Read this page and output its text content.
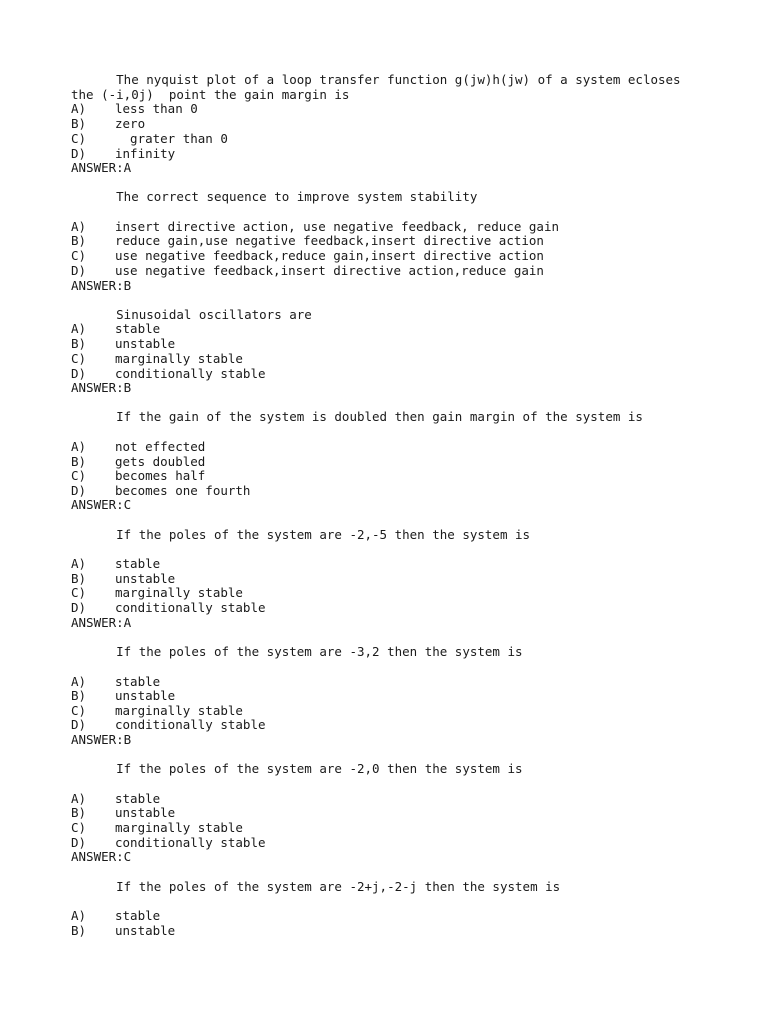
The nyquist plot of a loop transfer function g(jw)h(jw) of a system ecloses
the (-i,0j)  point the gain margin is
A) less than 0
B) zero
C)  grater than 0
D) infinity
ANSWER:A
The correct sequence to improve system stability
A) insert directive action, use negative feedback, reduce gain
B) reduce gain,use negative feedback,insert directive action
C) use negative feedback,reduce gain,insert directive action
D) use negative feedback,insert directive action,reduce gain
ANSWER:B
Sinusoidal oscillators are
A) stable
B) unstable
C) marginally stable
D) conditionally stable
ANSWER:B
If the gain of the system is doubled then gain margin of the system is
A) not effected
B) gets doubled
C) becomes half
D) becomes one fourth
ANSWER:C
If the poles of the system are -2,-5 then the system is
A) stable
B) unstable
C) marginally stable
D) conditionally stable
ANSWER:A
If the poles of the system are -3,2 then the system is
A) stable
B) unstable
C) marginally stable
D) conditionally stable
ANSWER:B
If the poles of the system are -2,0 then the system is
A) stable
B) unstable
C) marginally stable
D) conditionally stable
ANSWER:C
If the poles of the system are -2+j,-2-j then the system is
A) stable
B) unstable
